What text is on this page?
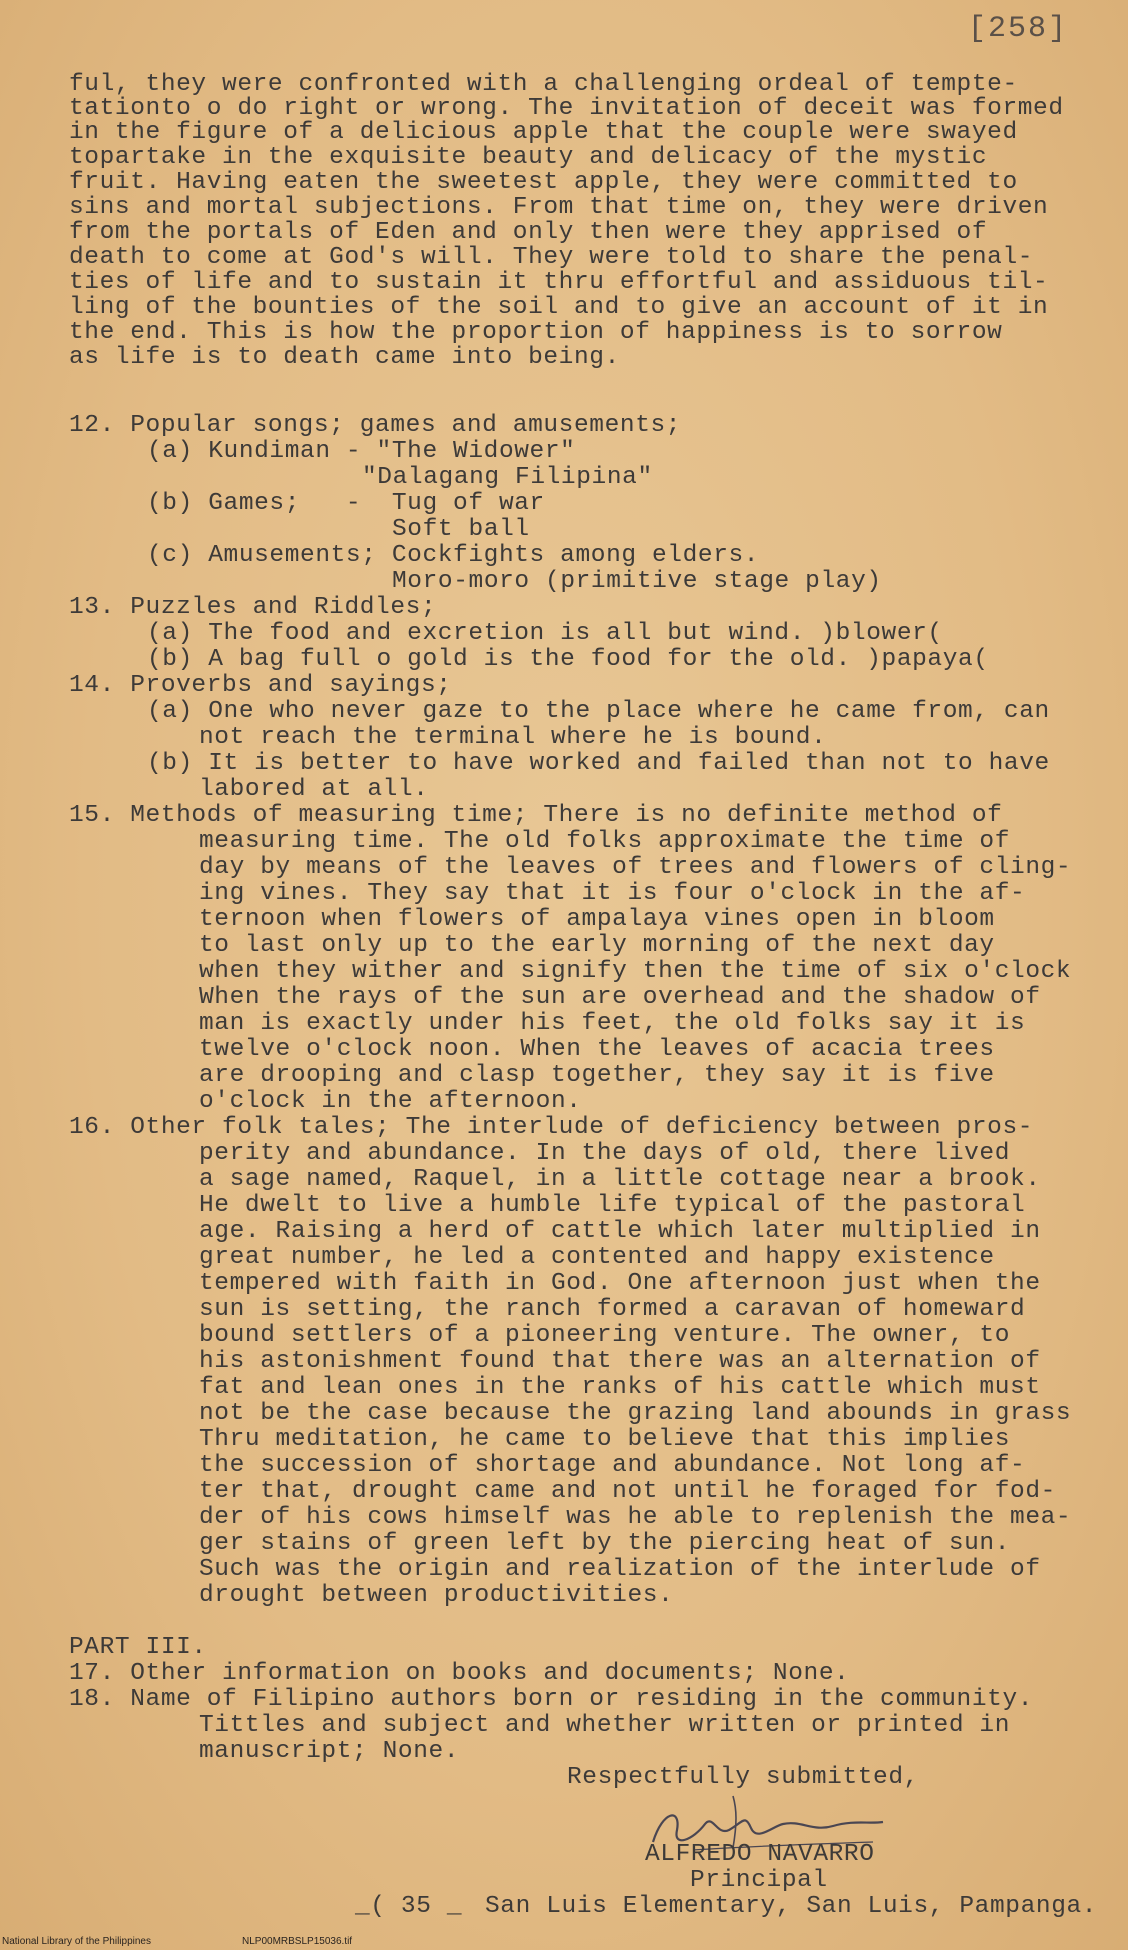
[258]
ful, they were confronted with a challenging ordeal of temptе-
tationto o do right or wrong. The invitation of deceit was formed
in the figure of a delicious apple that the couple were swayed
topartake in the exquisite beauty and delicacy of the mystic
fruit. Having eaten the sweetest apple, they were committed to
sins and mortal subjections. From that time on, they were driven
from the portals of Eden and only then were they apprised of
death to come at God's will. They were told to share the penal-
ties of life and to sustain it thru effortful and assiduous til-
ling of the bounties of the soil and to give an account of it in
the end. This is how the proportion of happiness is to sorrow
as life is to death came into being.
12. Popular songs; games and amusements;
(a) Kundiman - "The Widower"
"Dalagang Filipina"
(b) Games;   -  Tug of war
Soft ball
(c) Amusements; Cockfights among elders.
Moro-moro (primitive stage play)
13. Puzzles and Riddles;
(a) The food and excretion is all but wind. )blower(
(b) A bag full o gold is the food for the old. )papaya(
14. Proverbs and sayings;
(a) One who never gaze to the place where he came from, can
not reach the terminal where he is bound.
(b) It is better to have worked and failed than not to have
labored at all.
15. Methods of measuring time; There is no definite method of
measuring time. The old folks approximate the time of
day by means of the leaves of trees and flowers of cling-
ing vines. They say that it is four o'clock in the af-
ternoon when flowers of ampalaya vines open in bloom
to last only up to the early morning of the next day
when they wither and signify then the time of six o'clock
When the rays of the sun are overhead and the shadow of
man is exactly under his feet, the old folks say it is
twelve o'clock noon. When the leaves of acacia trees
are drooping and clasp together, they say it is five
o'clock in the afternoon.
16. Other folk tales; The interlude of deficiency between pros-
perity and abundance. In the days of old, there lived
a sage named, Raquel, in a little cottage near a brook.
He dwelt to live a humble life typical of the pastoral
age. Raising a herd of cattle which later multiplied in
great number, he led a contented and happy existence
tempered with faith in God. One afternoon just when the
sun is setting, the ranch formed a caravan of homeward
bound settlers of a pioneering venture. The owner, to
his astonishment found that there was an alternation of
fat and lean ones in the ranks of his cattle which must
not be the case because the grazing land abounds in grass
Thru meditation, he came to believe that this implies
the succession of shortage and abundance. Not long af-
ter that, drought came and not until he foraged for fod-
der of his cows himself was he able to replenish the mea-
ger stains of green left by the piercing heat of sun.
Such was the origin and realization of the interlude of
drought between productivities.
PART III.
17. Other information on books and documents; None.
18. Name of Filipino authors born or residing in the community.
Tittles and subject and whether written or printed in
manuscript; None.
Respectfully submitted,
ALFREDO NAVARRO
Principal
_( 35 _ San Luis Elementary, San Luis, Pampanga.
National Library of the Philippines	NLP00MRBSLP15036.tif
